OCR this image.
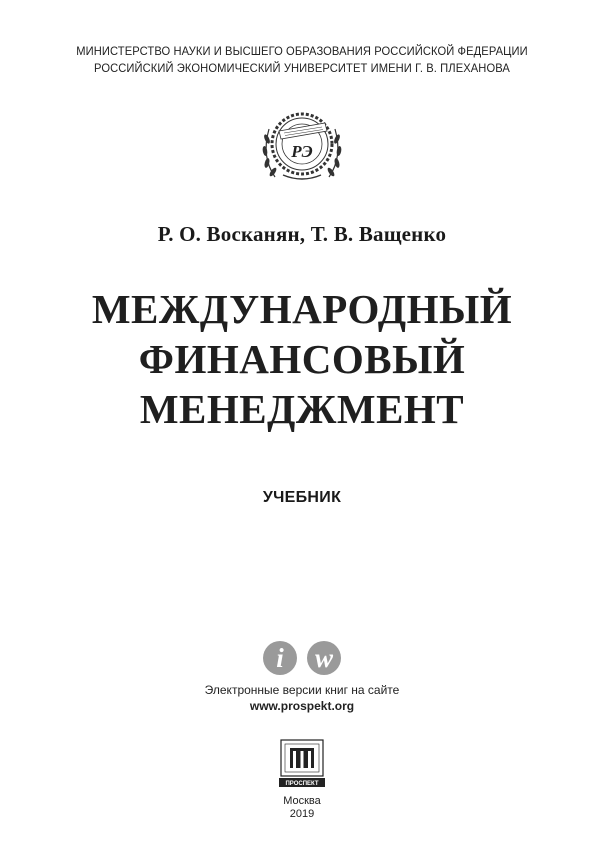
МИНИСТЕРСТВО НАУКИ И ВЫСШЕГО ОБРАЗОВАНИЯ РОССИЙСКОЙ ФЕДЕРАЦИИ
РОССИЙСКИЙ ЭКОНОМИЧЕСКИЙ УНИВЕРСИТЕТ ИМЕНИ Г. В. ПЛЕХАНОВА
РЭ
Р. О. Восканян, Т. В. Ващенко
МЕЖДУНАРОДНЫЙ
ФИНАНСОВЫЙ
МЕНЕДЖМЕНТ
УЧЕБНИК
i	w
Электронные версии книг на сайте
www.prospekt.org
ПРОСПЕКТ
Москва
2019
